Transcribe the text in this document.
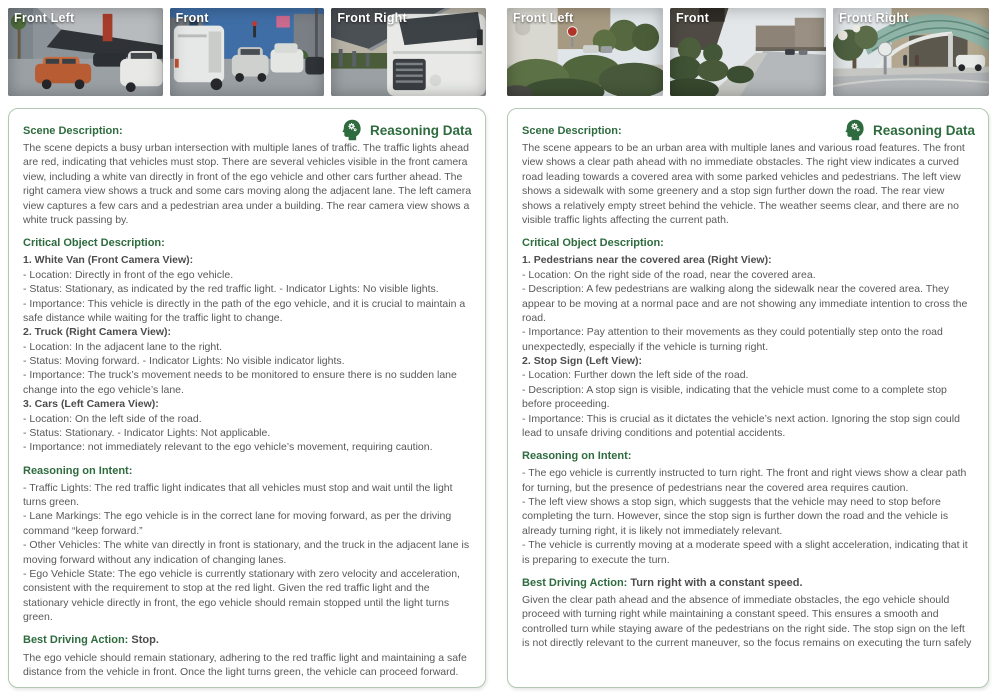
Front Left	Front	Front Right
Reasoning Data
Scene Description:
The scene depicts a busy urban intersection with multiple lanes of traffic. The traffic lights ahead are red, indicating that vehicles must stop. There are several vehicles visible in the front camera view, including a white van directly in front of the ego vehicle and other cars further ahead. The right camera view shows a truck and some cars moving along the adjacent lane. The left camera view captures a few cars and a pedestrian area under a building. The rear camera view shows a white truck passing by.
Critical Object Description:
1. White Van (Front Camera View):
- Location: Directly in front of the ego vehicle.
- Status: Stationary, as indicated by the red traffic light. - Indicator Lights: No visible lights.
- Importance: This vehicle is directly in the path of the ego vehicle, and it is crucial to maintain a safe distance while waiting for the traffic light to change.
2. Truck (Right Camera View):
- Location: In the adjacent lane to the right.
- Status: Moving forward. - Indicator Lights: No visible indicator lights.
- Importance: The truck’s movement needs to be monitored to ensure there is no sudden lane change into the ego vehicle’s lane.
3. Cars (Left Camera View):
- Location: On the left side of the road.
- Status: Stationary. - Indicator Lights: Not applicable.
- Importance: not immediately relevant to the ego vehicle’s movement, requiring caution.
Reasoning on Intent:
- Traffic Lights: The red traffic light indicates that all vehicles must stop and wait until the light turns green.
- Lane Markings: The ego vehicle is in the correct lane for moving forward, as per the driving command “keep forward.”
- Other Vehicles: The white van directly in front is stationary, and the truck in the adjacent lane is moving forward without any indication of changing lanes.
- Ego Vehicle State: The ego vehicle is currently stationary with zero velocity and acceleration, consistent with the requirement to stop at the red light. Given the red traffic light and the stationary vehicle directly in front, the ego vehicle should remain stopped until the light turns green.
Best Driving Action: Stop.
The ego vehicle should remain stationary, adhering to the red traffic light and maintaining a safe distance from the vehicle in front. Once the light turns green, the vehicle can proceed forward.
Front Left	Front	Front Right
Reasoning Data
Scene Description:
The scene appears to be an urban area with multiple lanes and various road features. The front view shows a clear path ahead with no immediate obstacles. The right view indicates a curved road leading towards a covered area with some parked vehicles and pedestrians. The left view shows a sidewalk with some greenery and a stop sign further down the road. The rear view shows a relatively empty street behind the vehicle. The weather seems clear, and there are no visible traffic lights affecting the current path.
Critical Object Description:
1. Pedestrians near the covered area (Right View):
- Location: On the right side of the road, near the covered area.
- Description: A few pedestrians are walking along the sidewalk near the covered area. They appear to be moving at a normal pace and are not showing any immediate intention to cross the road.
- Importance: Pay attention to their movements as they could potentially step onto the road unexpectedly, especially if the vehicle is turning right.
2. Stop Sign (Left View):
- Location: Further down the left side of the road.
- Description: A stop sign is visible, indicating that the vehicle must come to a complete stop before proceeding.
- Importance: This is crucial as it dictates the vehicle’s next action. Ignoring the stop sign could lead to unsafe driving conditions and potential accidents.
Reasoning on Intent:
- The ego vehicle is currently instructed to turn right. The front and right views show a clear path for turning, but the presence of pedestrians near the covered area requires caution.
- The left view shows a stop sign, which suggests that the vehicle may need to stop before completing the turn. However, since the stop sign is further down the road and the vehicle is already turning right, it is likely not immediately relevant.
- The vehicle is currently moving at a moderate speed with a slight acceleration, indicating that it is preparing to execute the turn.
Best Driving Action: Turn right with a constant speed.
Given the clear path ahead and the absence of immediate obstacles, the ego vehicle should proceed with turning right while maintaining a constant speed. This ensures a smooth and controlled turn while staying aware of the pedestrians on the right side. The stop sign on the left is not directly relevant to the current maneuver, so the focus remains on executing the turn safely
